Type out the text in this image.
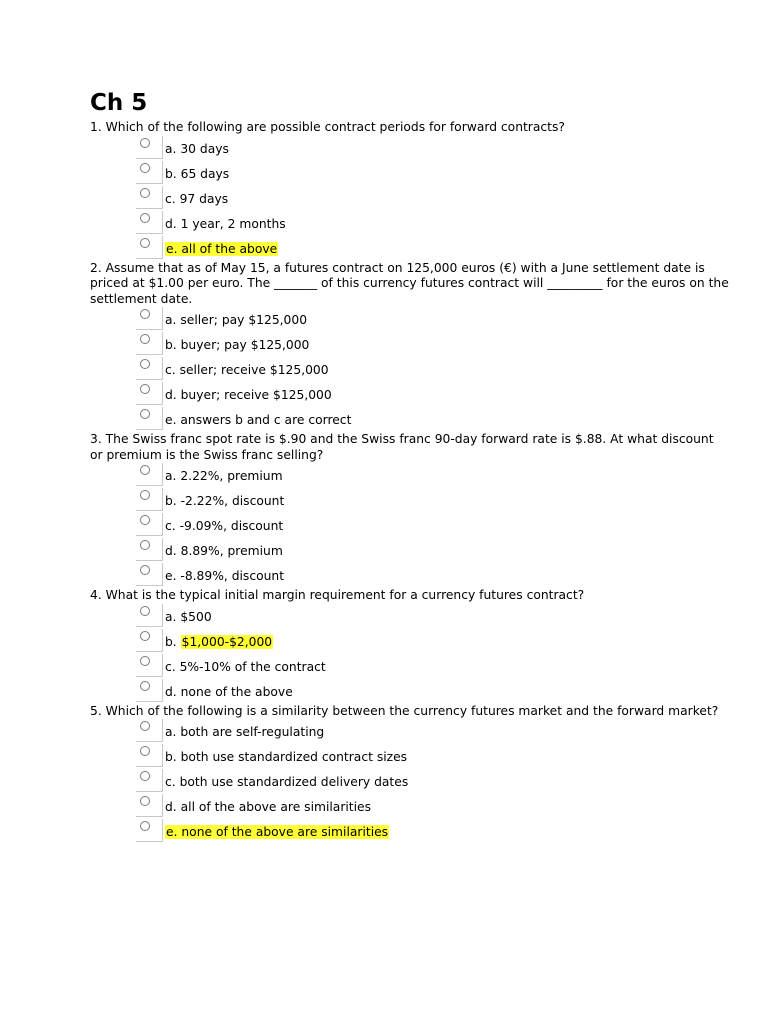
Ch 5

1. Which of the following are possible contract periods for forward contracts?

a. 30 days
b. 65 days
c. 97 days
d. 1 year, 2 months
e. all of the above

2. Assume that as of May 15, a futures contract on 125,000 euros (€) with a June settlement date is priced at $1.00 per euro. The _______ of this currency futures contract will _________ for the euros on the settlement date.

a. seller; pay $125,000
b. buyer; pay $125,000
c. seller; receive $125,000
d. buyer; receive $125,000
e. answers b and c are correct

3. The Swiss franc spot rate is $.90 and the Swiss franc 90-day forward rate is $.88. At what discount or premium is the Swiss franc selling?

a. 2.22%, premium
b. -2.22%, discount
c. -9.09%, discount
d. 8.89%, premium
e. -8.89%, discount

4. What is the typical initial margin requirement for a currency futures contract?

a. $500
b. $1,000-$2,000
c. 5%-10% of the contract
d. none of the above

5. Which of the following is a similarity between the currency futures market and the forward market?

a. both are self-regulating
b. both use standardized contract sizes
c. both use standardized delivery dates
d. all of the above are similarities
e. none of the above are similarities
